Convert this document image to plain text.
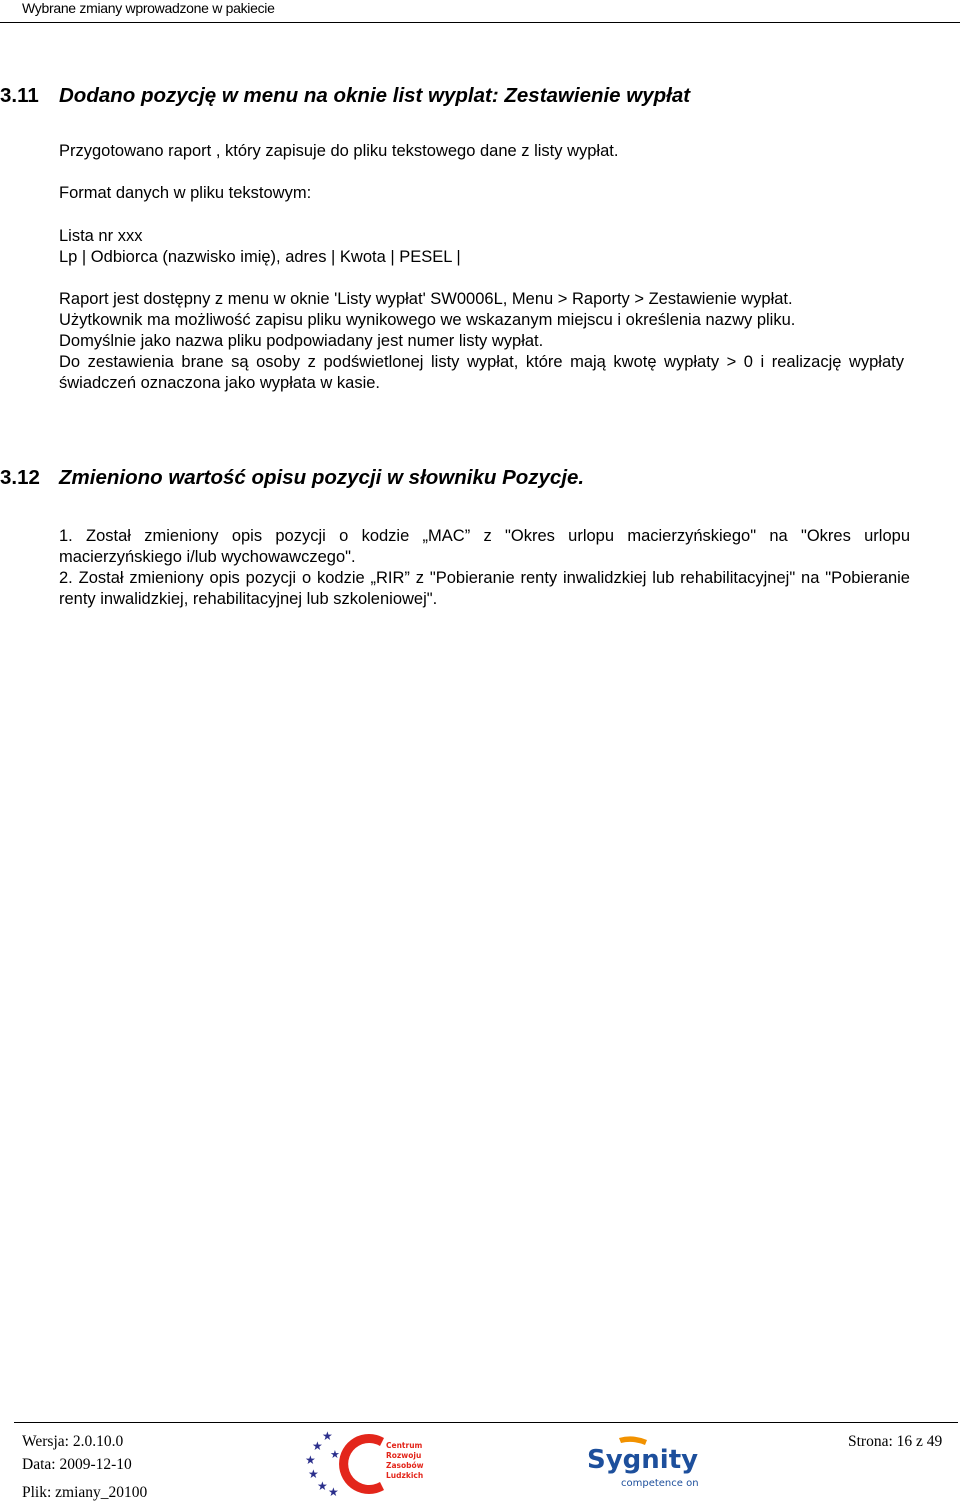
Wybrane zmiany wprowadzone w pakiecie
3.11 Dodano pozycję w menu na oknie list wyplat: Zestawienie wypłat
Przygotowano raport , który zapisuje do pliku tekstowego dane z listy wypłat.
Format danych w pliku tekstowym:
Lista nr xxx
Lp | Odbiorca (nazwisko imię), adres | Kwota | PESEL |
Raport jest dostępny z menu w oknie 'Listy wypłat' SW0006L, Menu > Raporty > Zestawienie wypłat.
Użytkownik ma możliwość zapisu pliku wynikowego we wskazanym miejscu i określenia nazwy pliku.
Domyślnie jako nazwa pliku podpowiadany jest numer listy wypłat.
Do zestawienia brane są osoby z podświetlonej listy wypłat, które mają kwotę wypłaty > 0 i realizację wypłaty świadczeń oznaczona jako wypłata w kasie.
3.12 Zmieniono wartość opisu pozycji w słowniku Pozycje.
1. Został zmieniony opis pozycji o kodzie „MAC” z "Okres urlopu macierzyńskiego" na "Okres urlopu macierzyńskiego i/lub wychowawczego".
2. Został zmieniony opis pozycji o kodzie „RIR” z "Pobieranie renty inwalidzkiej lub rehabilitacyjnej" na "Pobieranie renty inwalidzkiej, rehabilitacyjnej lub szkoleniowej".
Wersja: 2.0.10.0
Data: 2009-12-10
Plik: zmiany_20100
Strona: 16 z 49
★
★
★
★
★ ★
★
Centrum
Rozwoju
Zasobów
Ludzkich
Sygnity
competence on
